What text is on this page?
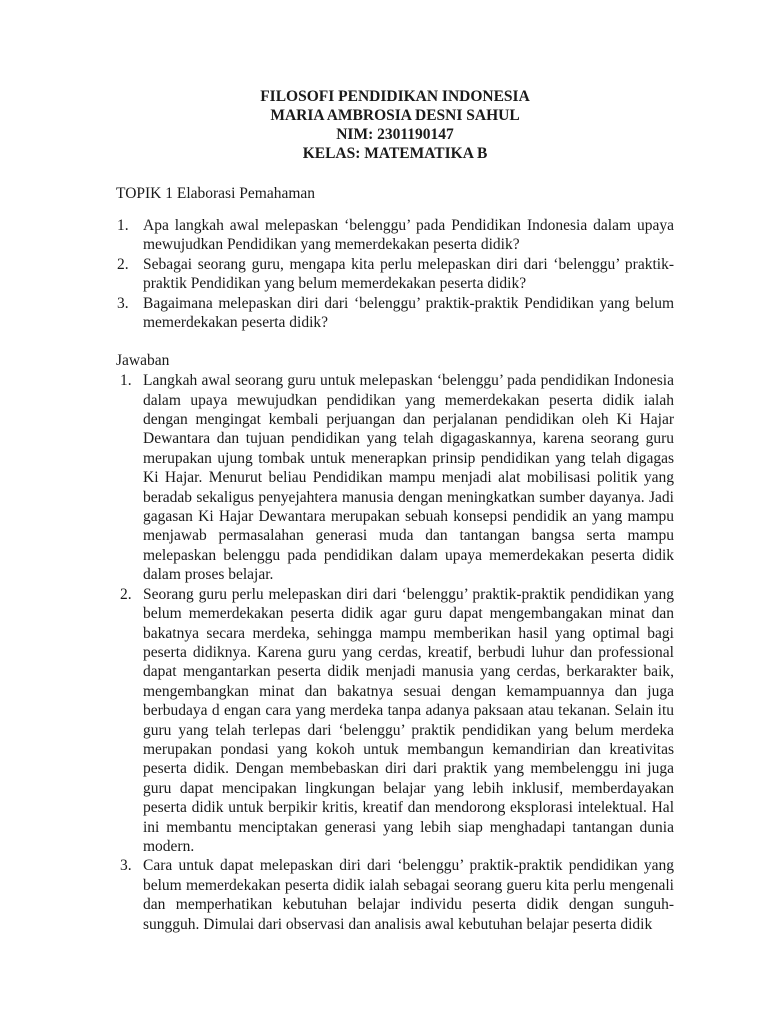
FILOSOFI PENDIDIKAN INDONESIA
MARIA AMBROSIA DESNI SAHUL
NIM: 2301190147
KELAS: MATEMATIKA B
TOPIK 1 Elaborasi Pemahaman
1. Apa langkah awal melepaskan ‘belenggu’ pada Pendidikan Indonesia dalam upaya mewujudkan Pendidikan yang memerdekakan peserta didik?
2. Sebagai seorang guru, mengapa kita perlu melepaskan diri dari ‘belenggu’ praktik-praktik Pendidikan yang belum memerdekakan peserta didik?
3. Bagaimana melepaskan diri dari ‘belenggu’ praktik-praktik Pendidikan yang belum memerdekakan peserta didik?
Jawaban
1. Langkah awal seorang guru untuk melepaskan ‘belenggu’ pada pendidikan Indonesia dalam upaya mewujudkan pendidikan yang memerdekakan peserta didik ialah dengan mengingat kembali perjuangan dan perjalanan pendidikan oleh Ki Hajar Dewantara dan tujuan pendidikan yang telah digagaskannya, karena seorang guru merupakan ujung tombak untuk menerapkan prinsip pendidikan yang telah digagas Ki Hajar. Menurut beliau Pendidikan mampu menjadi alat mobilisasi politik yang beradab sekaligus penyejahtera manusia dengan meningkatkan sumber dayanya. Jadi gagasan Ki Hajar Dewantara merupakan sebuah konsepsi pendidik an yang mampu menjawab permasalahan generasi muda dan tantangan bangsa serta mampu melepaskan belenggu pada pendidikan dalam upaya memerdekakan peserta didik dalam proses belajar.
2. Seorang guru perlu melepaskan diri dari ‘belenggu’ praktik-praktik pendidikan yang belum memerdekakan peserta didik agar guru dapat mengembangakan minat dan bakatnya secara merdeka, sehingga mampu memberikan hasil yang optimal bagi peserta didiknya. Karena guru yang cerdas, kreatif, berbudi luhur dan professional dapat mengantarkan peserta didik menjadi manusia yang cerdas, berkarakter baik, mengembangkan minat dan bakatnya sesuai dengan kemampuannya dan juga berbudaya d engan cara yang merdeka tanpa adanya paksaan atau tekanan. Selain itu guru yang telah terlepas dari ‘belenggu’ praktik pendidikan yang belum merdeka merupakan pondasi yang kokoh untuk membangun kemandirian dan kreativitas peserta didik. Dengan membebaskan diri dari praktik yang membelenggu ini juga guru dapat mencipakan lingkungan belajar yang lebih inklusif, memberdayakan peserta didik untuk berpikir kritis, kreatif dan mendorong eksplorasi intelektual. Hal ini membantu menciptakan generasi yang lebih siap menghadapi tantangan dunia modern.
3. Cara untuk dapat melepaskan diri dari ‘belenggu’ praktik-praktik pendidikan yang belum memerdekakan peserta didik ialah sebagai seorang gueru kita perlu mengenali dan memperhatikan kebutuhan belajar individu peserta didik dengan sunguh-sungguh. Dimulai dari observasi dan analisis awal kebutuhan belajar peserta didik
